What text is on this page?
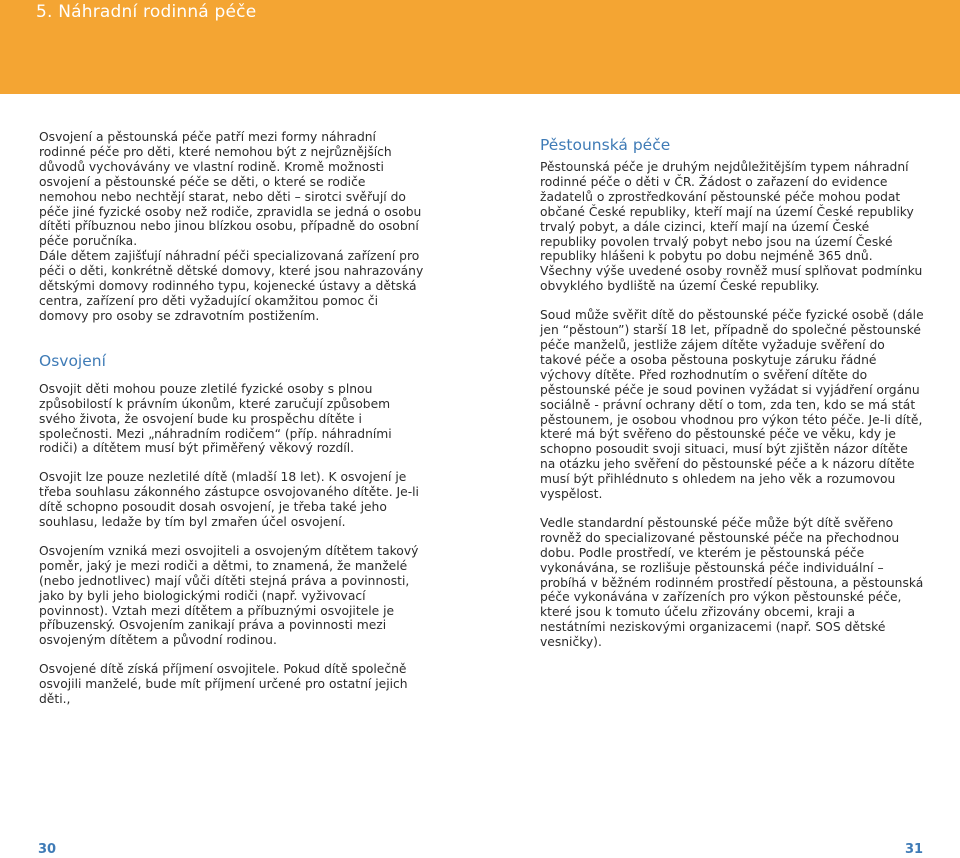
5. Náhradní rodinná péče

Osvojení a pěstounská péče patří mezi formy náhradní rodinné péče pro děti, které nemohou být z nejrůznějších důvodů vychovávány ve vlastní rodině. Kromě možnosti osvojení a pěstounské péče se děti, o které se rodiče nemohou nebo nechtějí starat, nebo děti – sirotci svěřují do péče jiné fyzické osoby než rodiče, zpravidla se jedná o osobu dítěti příbuznou nebo jinou blízkou osobu, případně do osobní péče poručníka.

Dále dětem zajišťují náhradní péči specializovaná zařízení pro péči o děti, konkrétně dětské domovy, které jsou nahrazovány dětskými domovy rodinného typu, kojenecké ústavy a dětská centra, zařízení pro děti vyžadující okamžitou pomoc či domovy pro osoby se zdravotním postižením.

Osvojení

Osvojit děti mohou pouze zletilé fyzické osoby s plnou způsobilostí k právním úkonům, které zaručují způsobem svého života, že osvojení bude ku prospěchu dítěte i společnosti. Mezi „náhradním rodičem“ (příp. náhradními rodiči) a dítětem musí být přiměřený věkový rozdíl.

Osvojit lze pouze nezletilé dítě (mladší 18 let). K osvojení je třeba souhlasu zákonného zástupce osvojovaného dítěte. Je-li dítě schopno posoudit dosah osvojení, je třeba také jeho souhlasu, ledaže by tím byl zmařen účel osvojení.

Osvojením vzniká mezi osvojiteli a osvojeným dítětem takový poměr, jaký je mezi rodiči a dětmi, to znamená, že manželé (nebo jednotlivec) mají vůči dítěti stejná práva a povinnosti, jako by byli jeho biologickými rodiči (např. vyživovací povinnost). Vztah mezi dítětem a příbuznými osvojitele je příbuzenský. Osvojením zanikají práva a povinnosti mezi osvojeným dítětem a původní rodinou.

Osvojené dítě získá příjmení osvojitele. Pokud dítě společně osvojili manželé, bude mít příjmení určené pro ostatní jejich děti.,

Pěstounská péče

Pěstounská péče je druhým nejdůležitějším typem náhradní rodinné péče o děti v ČR. Žádost o zařazení do evidence žadatelů o zprostředkování pěstounské péče mohou podat občané České republiky, kteří mají na území České republiky trvalý pobyt, a dále cizinci, kteří mají na území České republiky povolen trvalý pobyt nebo jsou na území České republiky hlášeni k pobytu po dobu nejméně 365 dnů. Všechny výše uvedené osoby rovněž musí splňovat podmínku obvyklého bydliště na území České republiky.

Soud může svěřit dítě do pěstounské péče fyzické osobě (dále jen “pěstoun”) starší 18 let, případně do společné pěstounské péče manželů, jestliže zájem dítěte vyžaduje svěření do takové péče a osoba pěstouna poskytuje záruku řádné výchovy dítěte. Před rozhodnutím o svěření dítěte do pěstounské péče je soud povinen vyžádat si vyjádření orgánu sociálně - právní ochrany dětí o tom, zda ten, kdo se má stát pěstounem, je osobou vhodnou pro výkon této péče. Je-li dítě, které má být svěřeno do pěstounské péče ve věku, kdy je schopno posoudit svoji situaci, musí být zjištěn názor dítěte na otázku jeho svěření do pěstounské péče a k názoru dítěte musí být přihlédnuto s ohledem na jeho věk a rozumovou vyspělost.

Vedle standardní pěstounské péče může být dítě svěřeno rovněž do specializované pěstounské péče na přechodnou dobu. Podle prostředí, ve kterém je pěstounská péče vykonávána, se rozlišuje pěstounská péče individuální – probíhá v běžném rodinném prostředí pěstouna, a pěstounská péče vykonávána v zařízeních pro výkon pěstounské péče, které jsou k tomuto účelu zřizovány obcemi, kraji a nestátními neziskovými organizacemi (např. SOS dětské vesničky).

30	31
